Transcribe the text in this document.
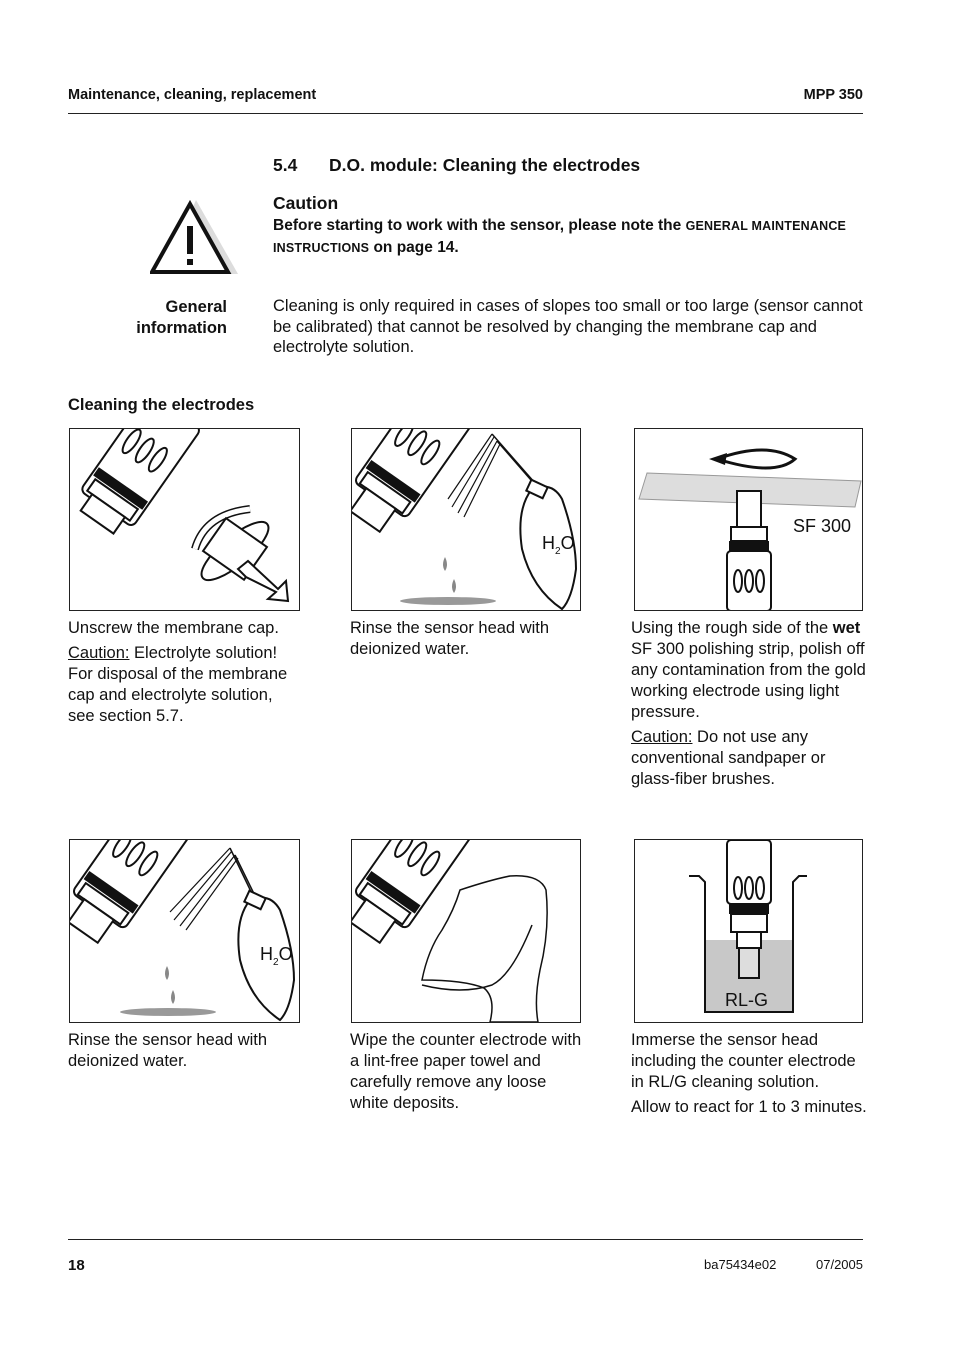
Maintenance, cleaning, replacement	MPP 350
5.4 D.O. module: Cleaning the electrodes
Caution
Before starting to work with the sensor, please note the GENERAL MAINTENANCE INSTRUCTIONS on page 14.
General
information
Cleaning is only required in cases of slopes too small or too large (sensor cannot be calibrated) that cannot be resolved by changing the membrane cap and electrolyte solution.
Cleaning the electrodes
$H_2O$
SF 300

Unscrew the membrane cap.

Caution: Electrolyte solution! For disposal of the membrane cap and electrolyte solution, see section 5.7.

Rinse the sensor head with deionized water.

Using the rough side of the wet SF 300 polishing strip, polish off any contamination from the gold working electrode using light pressure.

Caution: Do not use any conventional sandpaper or glass-fiber brushes.

$H_2O$
RL-G

Rinse the sensor head with deionized water.

Wipe the counter electrode with a lint-free paper towel and carefully remove any loose white deposits.

Immerse the sensor head including the counter electrode in RL/G cleaning solution.

Allow to react for 1 to 3 minutes.

18	ba75434e02	07/2005
